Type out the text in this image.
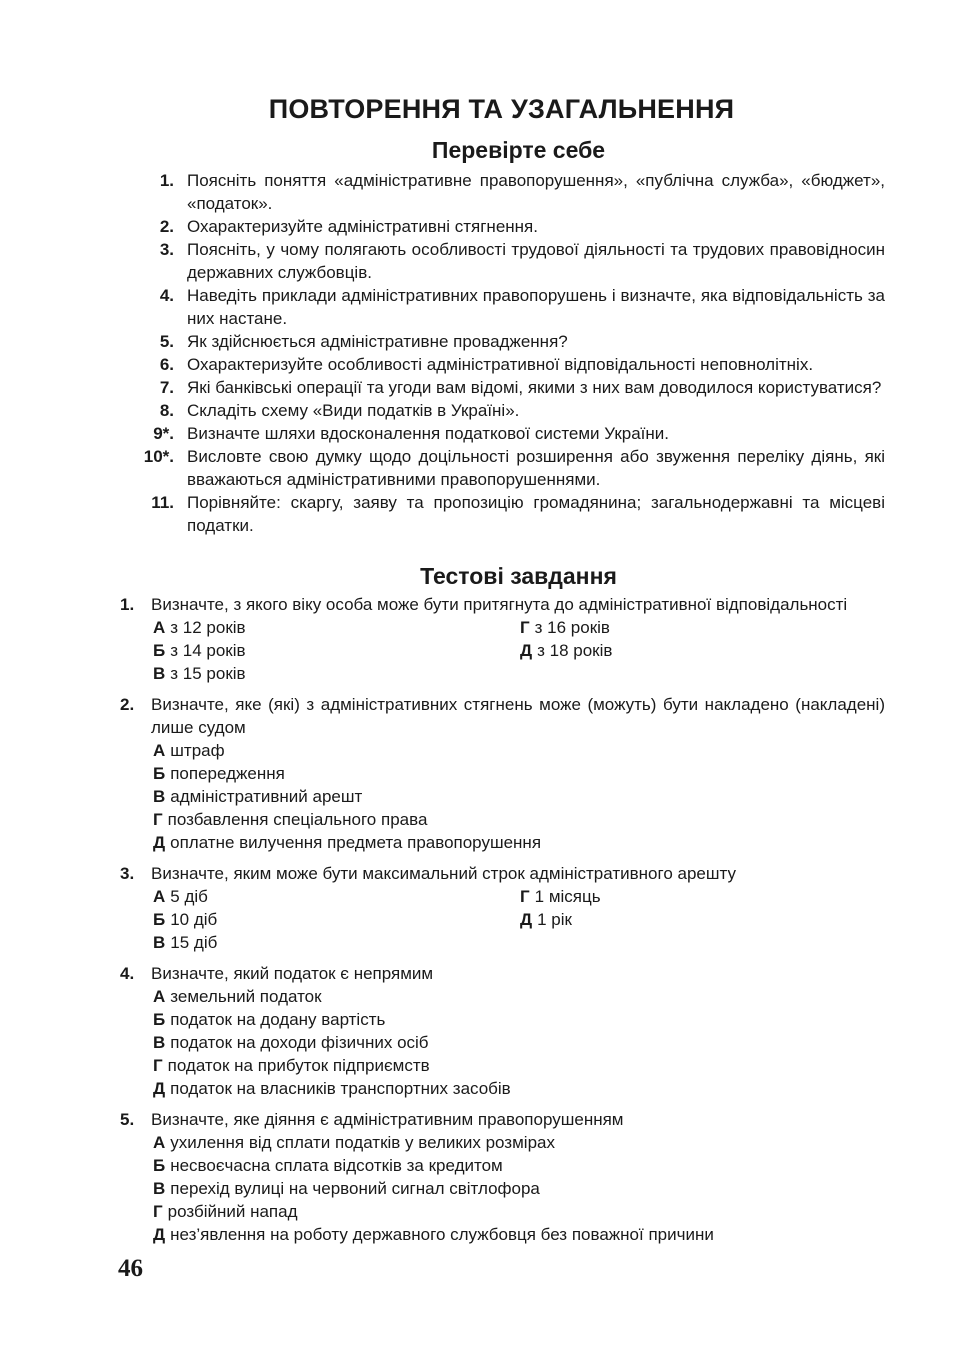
ПОВТОРЕННЯ ТА УЗАГАЛЬНЕННЯ
Перевірте себе
1. Поясніть поняття «адміністративне правопорушення», «публічна служба», «бюджет», «податок».
2. Охарактеризуйте адміністративні стягнення.
3. Поясніть, у чому полягають особливості трудової діяльності та трудових правовідносин державних службовців.
4. Наведіть приклади адміністративних правопорушень і визначте, яка відповідальність за них настане.
5. Як здійснюється адміністративне провадження?
6. Охарактеризуйте особливості адміністративної відповідальності неповнолітніх.
7. Які банківські операції та угоди вам відомі, якими з них вам доводилося користуватися?
8. Складіть схему «Види податків в Україні».
9*. Визначте шляхи вдосконалення податкової системи України.
10*. Висловте свою думку щодо доцільності розширення або звуження переліку діянь, які вважаються адміністративними правопорушеннями.
11. Порівняйте: скаргу, заяву та пропозицію громадянина; загальнодержавні та місцеві податки.
Тестові завдання
1. Визначте, з якого віку особа може бути притягнута до адміністративної відповідальності
А з 12 років
Б з 14 років
В з 15 років
Г з 16 років
Д з 18 років
2. Визначте, яке (які) з адміністративних стягнень може (можуть) бути накладено (накладені) лише судом
А штраф
Б попередження
В адміністративний арешт
Г позбавлення спеціального права
Д оплатне вилучення предмета правопорушення
3. Визначте, яким може бути максимальний строк адміністративного арешту
А 5 діб
Б 10 діб
В 15 діб
Г 1 місяць
Д 1 рік
4. Визначте, який податок є непрямим
А земельний податок
Б податок на додану вартість
В податок на доходи фізичних осіб
Г податок на прибуток підприємств
Д податок на власників транспортних засобів
5. Визначте, яке діяння є адміністративним правопорушенням
А ухилення від сплати податків у великих розмірах
Б несвоєчасна сплата відсотків за кредитом
В перехід вулиці на червоний сигнал світлофора
Г розбійний напад
Д нез’явлення на роботу державного службовця без поважної причини
46
